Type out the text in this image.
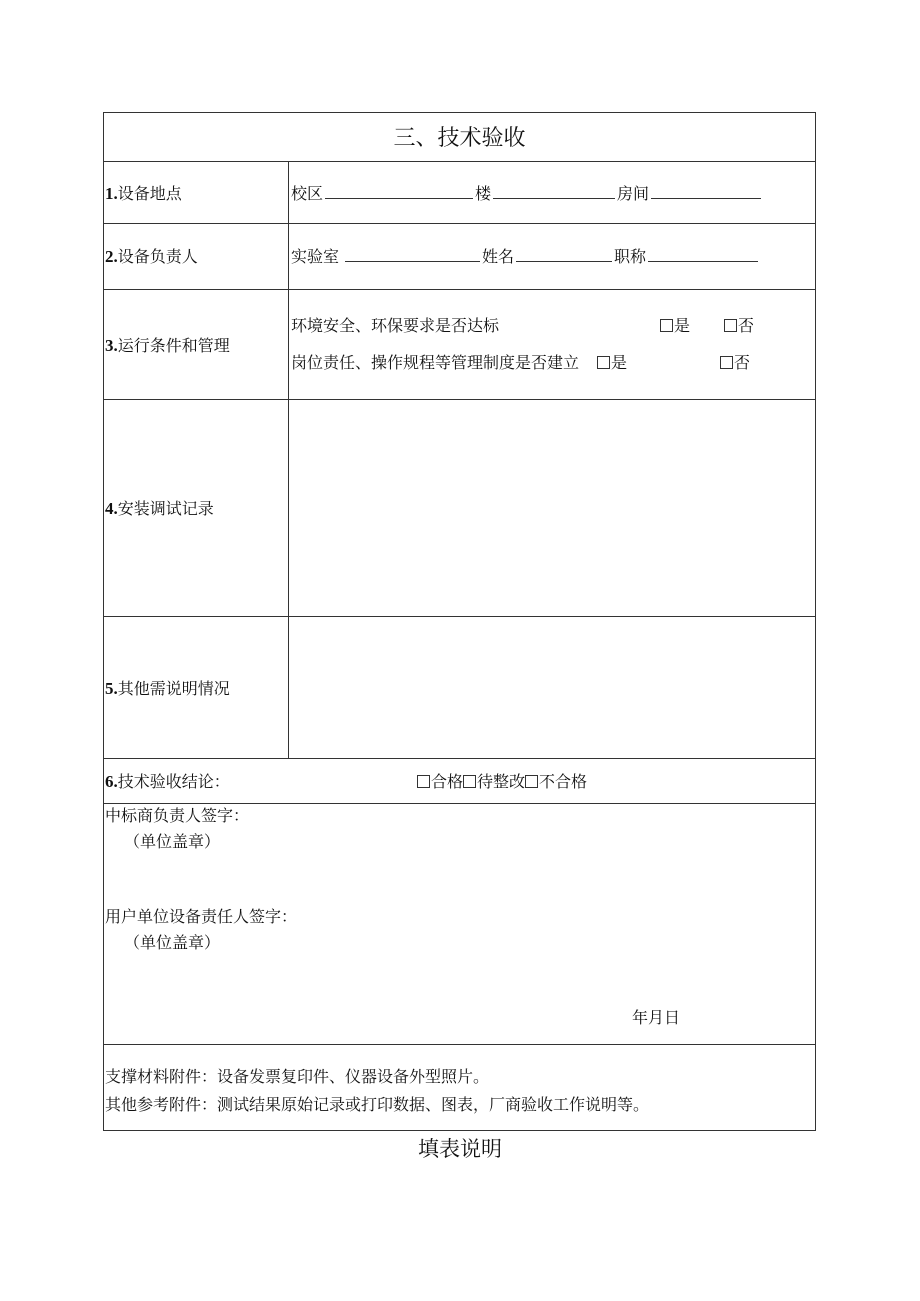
三、技术验收
1.设备地点	校区	楼	房间
2.设备负责人	实验室	姓名	职称
3.运行条件和管理
环境安全、环保要求是否达标	是	否
岗位责任、操作规程等管理制度是否建立	是	否
4.安装调试记录
5.其他需说明情况
6.技术验收结论：	合格 待整改 不合格
中标商负责人签字：
（单位盖章）
用户单位设备责任人签字：
（单位盖章）
年月日
支撑材料附件：设备发票复印件、仪器设备外型照片。
其他参考附件：测试结果原始记录或打印数据、图表，厂商验收工作说明等。
填表说明
